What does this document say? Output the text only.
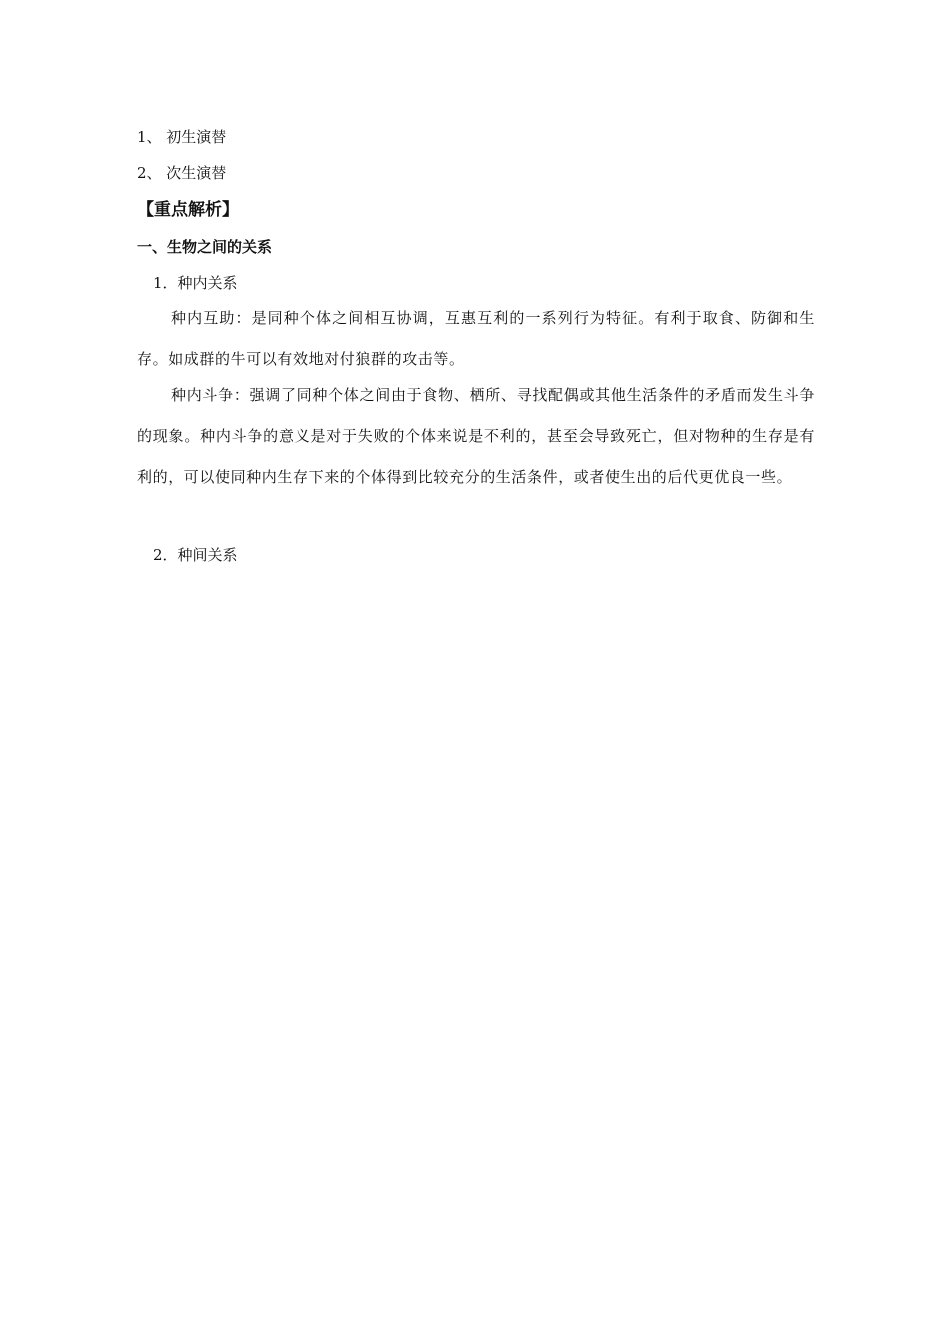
1、 初生演替
2、 次生演替
【重点解析】
一、生物之间的关系
1．种内关系

种内互助：是同种个体之间相互协调，互惠互利的一系列行为特征。有利于取食、防御和生存。如成群的牛可以有效地对付狼群的攻击等。

种内斗争：强调了同种个体之间由于食物、栖所、寻找配偶或其他生活条件的矛盾而发生斗争的现象。种内斗争的意义是对于失败的个体来说是不利的，甚至会导致死亡，但对物种的生存是有利的，可以使同种内生存下来的个体得到比较充分的生活条件，或者使生出的后代更优良一些。

2．种间关系
